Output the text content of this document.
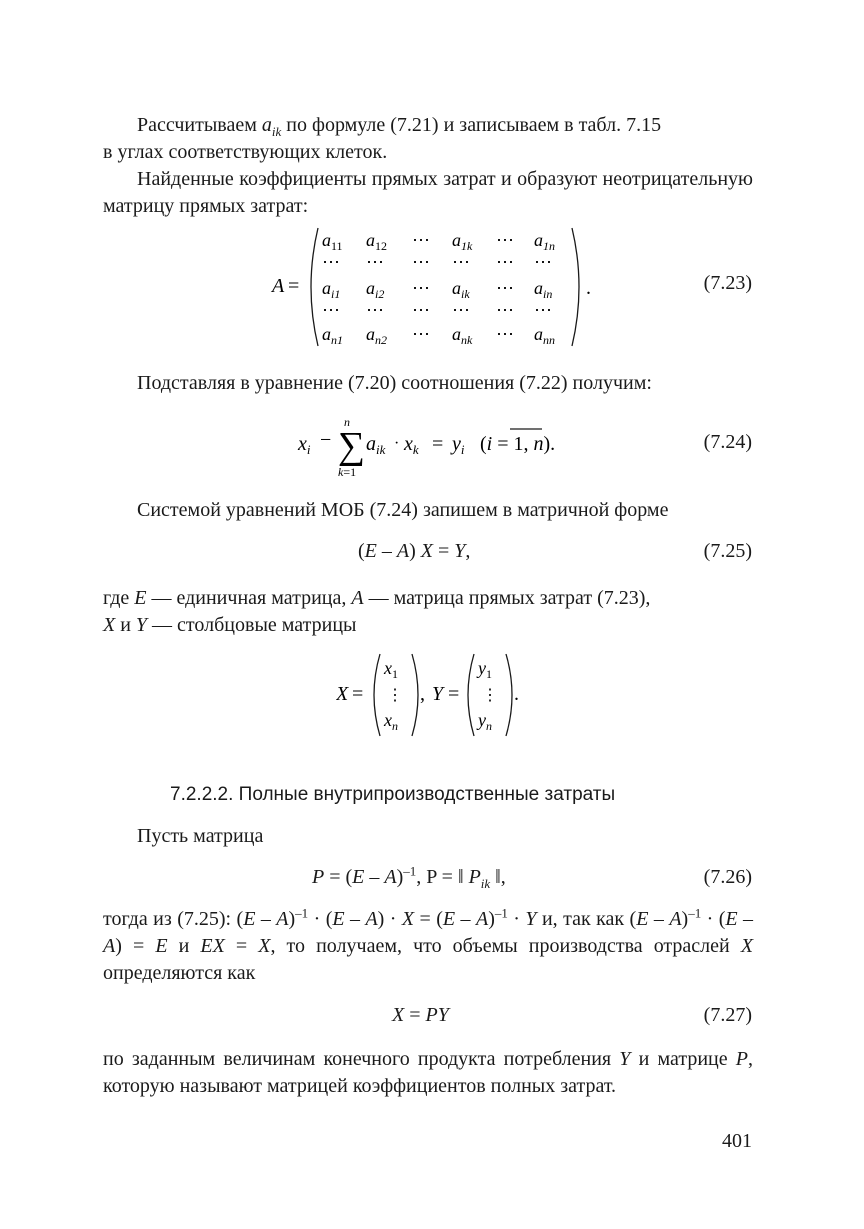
Рассчитываем $a_{ik}$ по формуле (7.21) и записываем в табл. 7.15
в углах соответствующих клеток.
Найденные коэффициенты прямых затрат и образуют неотрицательную матрицу прямых затрат:
A =
$a_{11}$ $a_{12}$ ⋯ $a_{1k}$ ⋯ $a_{1n}$
⋯ ⋯ ⋯ ⋯ ⋯ ⋯
$a_{i1}$ $a_{i2}$ ⋯ $a_{ik}$ ⋯ $a_{in}$
⋯ ⋯ ⋯ ⋯ ⋯ ⋯
$a_{n1}$ $a_{n2}$ ⋯ $a_{nk}$ ⋯ $a_{nn}$
.	(7.23)
Подставляя в уравнение (7.20) соотношения (7.22) получим:
$x_i$ − ∑
n
k=1
$a_{ik} \cdot x_k = y_i$ (i = 1, n).	(7.24)
Системой уравнений МОБ (7.24) запишем в матричной форме
(E – A) X = Y,	(7.25)
где E — единичная матрица, A — матрица прямых затрат (7.23),
X и Y — столбцовые матрицы
X =
$x_1$
⋮
$x_n$
, Y =
$y_1$
⋮
$y_n$
.
7.2.2.2. Полные внутрипроизводственные затраты
Пусть матрица
P = (E – A)$^{-1}$, P = ‖ $P_{ik}$ ‖,	(7.26)
тогда из (7.25): (E – A)$^{-1}$ · (E – A) · X = (E – A)$^{-1}$ · Y и, так как (E – A)$^{-1}$ · (E – A) = E и EX = X, то получаем, что объемы производства отраслей X определяются как
X = PY	(7.27)
по заданным величинам конечного продукта потребления Y и матрице P, которую называют матрицей коэффициентов полных затрат.
401
